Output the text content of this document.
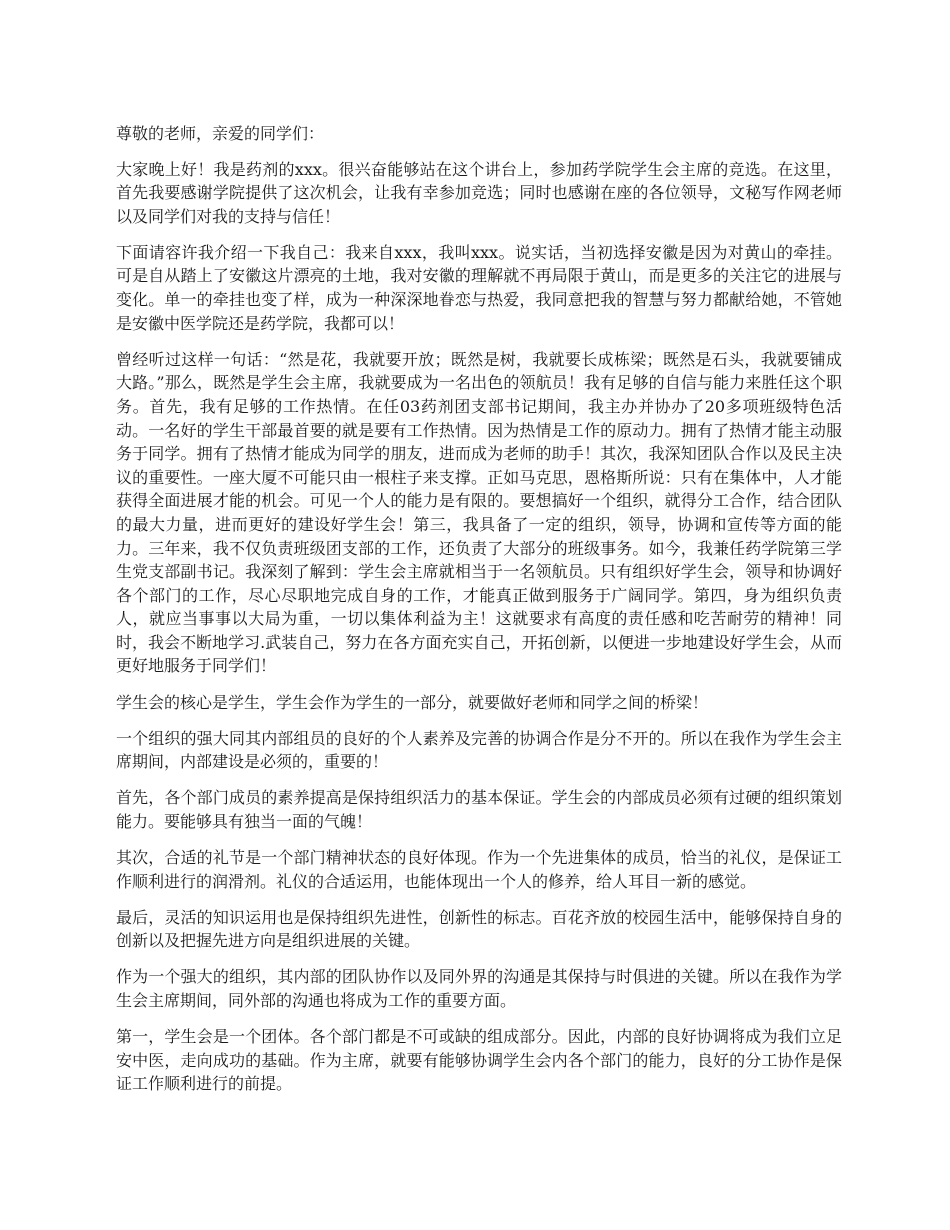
尊敬的老师，亲爱的同学们：

大家晚上好！我是药剂的xxx。很兴奋能够站在这个讲台上，参加药学院学生会主席的竞选。在这里，首先我要感谢学院提供了这次机会，让我有幸参加竞选；同时也感谢在座的各位领导，文秘写作网老师以及同学们对我的支持与信任！

下面请容许我介绍一下我自己：我来自xxx，我叫xxx。说实话，当初选择安徽是因为对黄山的牵挂。可是自从踏上了安徽这片漂亮的土地，我对安徽的理解就不再局限于黄山，而是更多的关注它的进展与变化。单一的牵挂也变了样，成为一种深深地眷恋与热爱，我同意把我的智慧与努力都献给她，不管她是安徽中医学院还是药学院，我都可以！

曾经听过这样一句话：“然是花，我就要开放；既然是树，我就要长成栋梁；既然是石头，我就要铺成大路。”那么，既然是学生会主席，我就要成为一名出色的领航员！我有足够的自信与能力来胜任这个职务。首先，我有足够的工作热情。在任03药剂团支部书记期间，我主办并协办了20多项班级特色活动。一名好的学生干部最首要的就是要有工作热情。因为热情是工作的原动力。拥有了热情才能主动服务于同学。拥有了热情才能成为同学的朋友，进而成为老师的助手！其次，我深知团队合作以及民主决议的重要性。一座大厦不可能只由一根柱子来支撑。正如马克思，恩格斯所说：只有在集体中，人才能获得全面进展才能的机会。可见一个人的能力是有限的。要想搞好一个组织，就得分工合作，结合团队的最大力量，进而更好的建设好学生会！第三，我具备了一定的组织，领导，协调和宣传等方面的能力。三年来，我不仅负责班级团支部的工作，还负责了大部分的班级事务。如今，我兼任药学院第三学生党支部副书记。我深刻了解到：学生会主席就相当于一名领航员。只有组织好学生会，领导和协调好各个部门的工作，尽心尽职地完成自身的工作，才能真正做到服务于广阔同学。第四，身为组织负责人，就应当事事以大局为重，一切以集体利益为主！这就要求有高度的责任感和吃苦耐劳的精神！同时，我会不断地学习.武装自己，努力在各方面充实自己，开拓创新，以便进一步地建设好学生会，从而更好地服务于同学们！

学生会的核心是学生，学生会作为学生的一部分，就要做好老师和同学之间的桥梁！

一个组织的强大同其内部组员的良好的个人素养及完善的协调合作是分不开的。所以在我作为学生会主席期间，内部建设是必须的，重要的！

首先，各个部门成员的素养提高是保持组织活力的基本保证。学生会的内部成员必须有过硬的组织策划能力。要能够具有独当一面的气魄！

其次，合适的礼节是一个部门精神状态的良好体现。作为一个先进集体的成员，恰当的礼仪，是保证工作顺利进行的润滑剂。礼仪的合适运用，也能体现出一个人的修养，给人耳目一新的感觉。

最后，灵活的知识运用也是保持组织先进性，创新性的标志。百花齐放的校园生活中，能够保持自身的创新以及把握先进方向是组织进展的关键。

作为一个强大的组织，其内部的团队协作以及同外界的沟通是其保持与时俱进的关键。所以在我作为学生会主席期间，同外部的沟通也将成为工作的重要方面。

第一，学生会是一个团体。各个部门都是不可或缺的组成部分。因此，内部的良好协调将成为我们立足安中医，走向成功的基础。作为主席，就要有能够协调学生会内各个部门的能力，良好的分工协作是保证工作顺利进行的前提。
